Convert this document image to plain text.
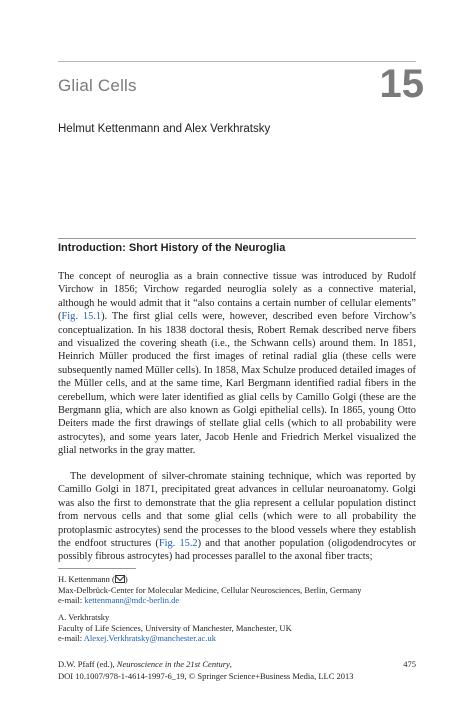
Glial Cells	15
Helmut Kettenmann and Alex Verkhratsky
Introduction: Short History of the Neuroglia

The concept of neuroglia as a brain connective tissue was introduced by Rudolf Virchow in 1856; Virchow regarded neuroglia solely as a connective material, although he would admit that it “also contains a certain number of cellular elements” (Fig. 15.1). The first glial cells were, however, described even before Virchow’s conceptualization. In his 1838 doctoral thesis, Robert Remak described nerve fibers and visualized the covering sheath (i.e., the Schwann cells) around them. In 1851, Heinrich Müller produced the first images of retinal radial glia (these cells were subsequently named Müller cells). In 1858, Max Schulze produced detailed images of the Müller cells, and at the same time, Karl Bergmann identified radial fibers in the cerebellum, which were later identified as glial cells by Camillo Golgi (these are the Bergmann glia, which are also known as Golgi epithelial cells). In 1865, young Otto Deiters made the first drawings of stellate glial cells (which to all probability were astrocytes), and some years later, Jacob Henle and Friedrich Merkel visualized the glial networks in the gray matter.

The development of silver-chromate staining technique, which was reported by Camillo Golgi in 1871, precipitated great advances in cellular neuroanatomy. Golgi was also the first to demonstrate that the glia represent a cellular population distinct from nervous cells and that some glial cells (which were to all probability the protoplasmic astrocytes) send the processes to the blood vessels where they establish the endfoot structures (Fig. 15.2) and that another population (oligodendrocytes or possibly fibrous astrocytes) had processes parallel to the axonal fiber tracts;

H. Kettenmann ( )
Max-Delbrück-Center for Molecular Medicine, Cellular Neurosciences, Berlin, Germany
e-mail: kettenmann@mdc-berlin.de
A. Verkhratsky
Faculty of Life Sciences, University of Manchester, Manchester, UK
e-mail: Alexej.Verkhratsky@manchester.ac.uk
D.W. Pfaff (ed.), Neuroscience in the 21st Century,
DOI 10.1007/978-1-4614-1997-6_19, © Springer Science+Business Media, LLC 2013
475
